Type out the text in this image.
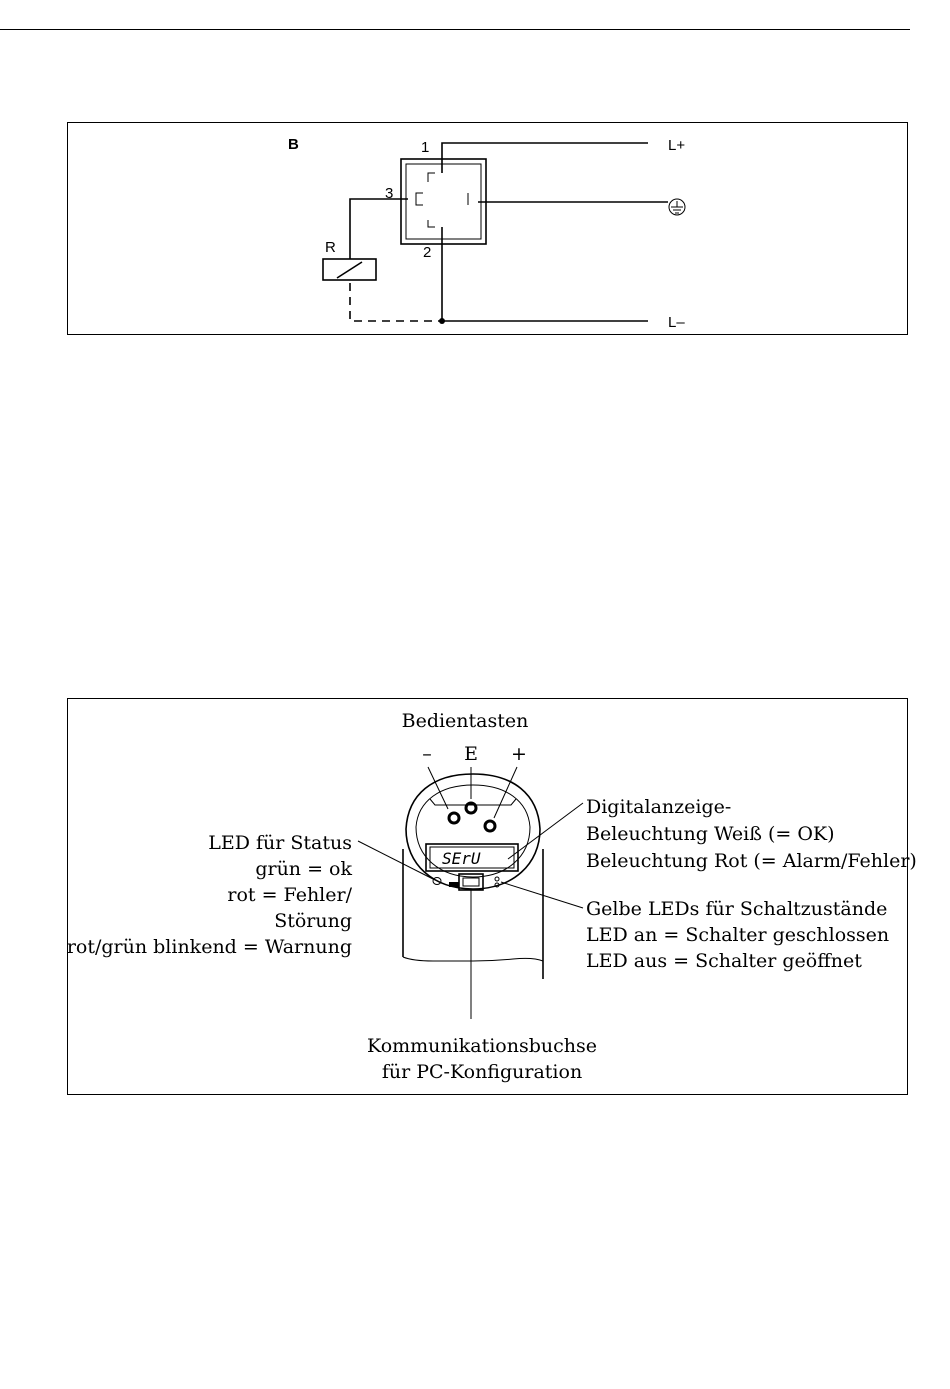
B	1
3
2
R
L+
L–
SErU
Bedientasten
– E +
LED für Status
grün = ok
rot = Fehler/
Störung
rot/grün blinkend = Warnung
Digitalanzeige-
Beleuchtung Weiß (= OK)
Beleuchtung Rot (= Alarm/Fehler)
Gelbe LEDs für Schaltzustände
LED an = Schalter geschlossen
LED aus = Schalter geöffnet
Kommunikationsbuchse
für PC-Konfiguration
